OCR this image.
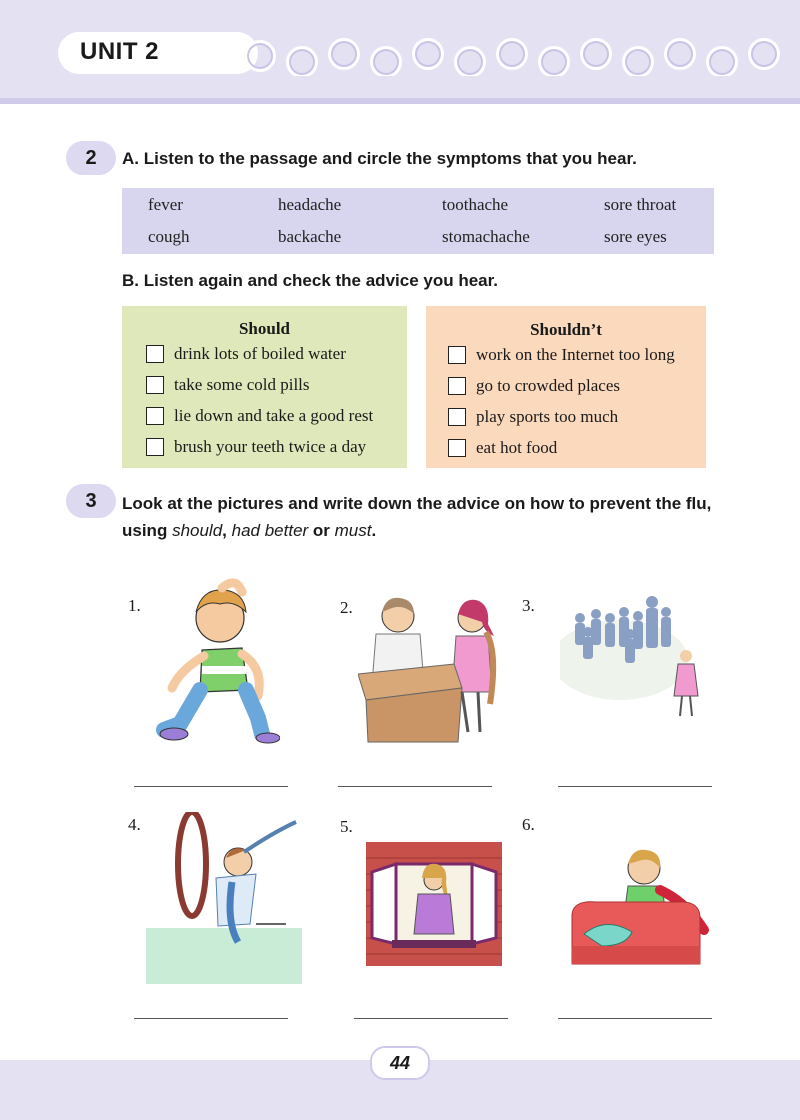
UNIT 2
2	A. Listen to the passage and circle the symptoms that you hear.
fever	headache	toothache	sore throat
cough	backache	stomachache	sore eyes
B. Listen again and check the advice you hear.
Should
drink lots of boiled water
take some cold pills
lie down and take a good rest
brush your teeth twice a day
Shouldn’t
work on the Internet too long
go to crowded places
play sports too much
eat hot food
3	Look at the pictures and write down the advice on how to prevent the flu, using should, had better or must.
1.	2.	3.
4.	5.	6.
44
